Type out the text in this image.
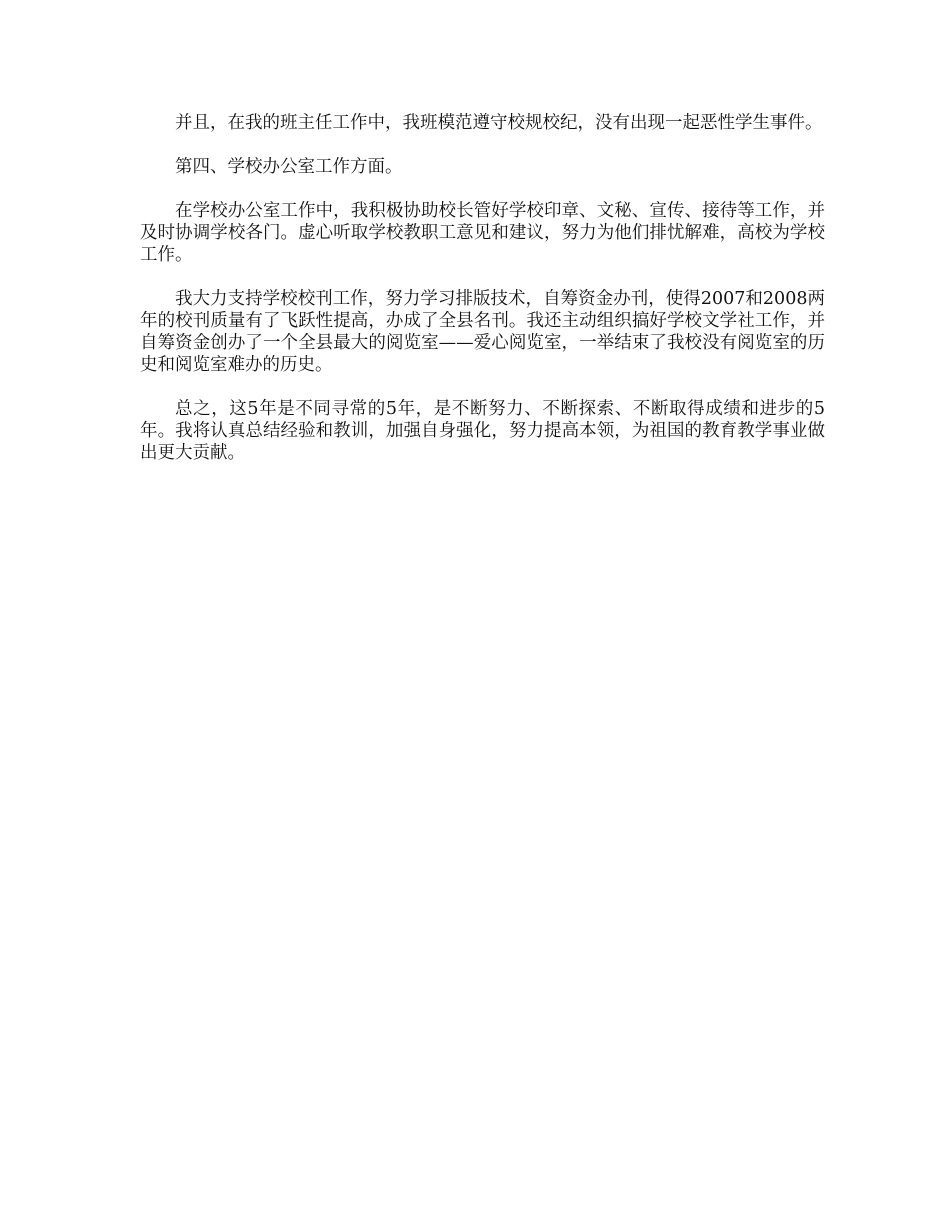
并且，在我的班主任工作中，我班模范遵守校规校纪，没有出现一起恶性学生事件。

第四、学校办公室工作方面。

在学校办公室工作中，我积极协助校长管好学校印章、文秘、宣传、接待等工作，并及时协调学校各门。虚心听取学校教职工意见和建议，努力为他们排忧解难，高校为学校工作。

我大力支持学校校刊工作，努力学习排版技术，自筹资金办刊，使得2007和2008两年的校刊质量有了飞跃性提高，办成了全县名刊。我还主动组织搞好学校文学社工作，并自筹资金创办了一个全县最大的阅览室——爱心阅览室，一举结束了我校没有阅览室的历史和阅览室难办的历史。

总之，这5年是不同寻常的5年，是不断努力、不断探索、不断取得成绩和进步的5年。我将认真总结经验和教训，加强自身强化，努力提高本领，为祖国的教育教学事业做出更大贡献。
